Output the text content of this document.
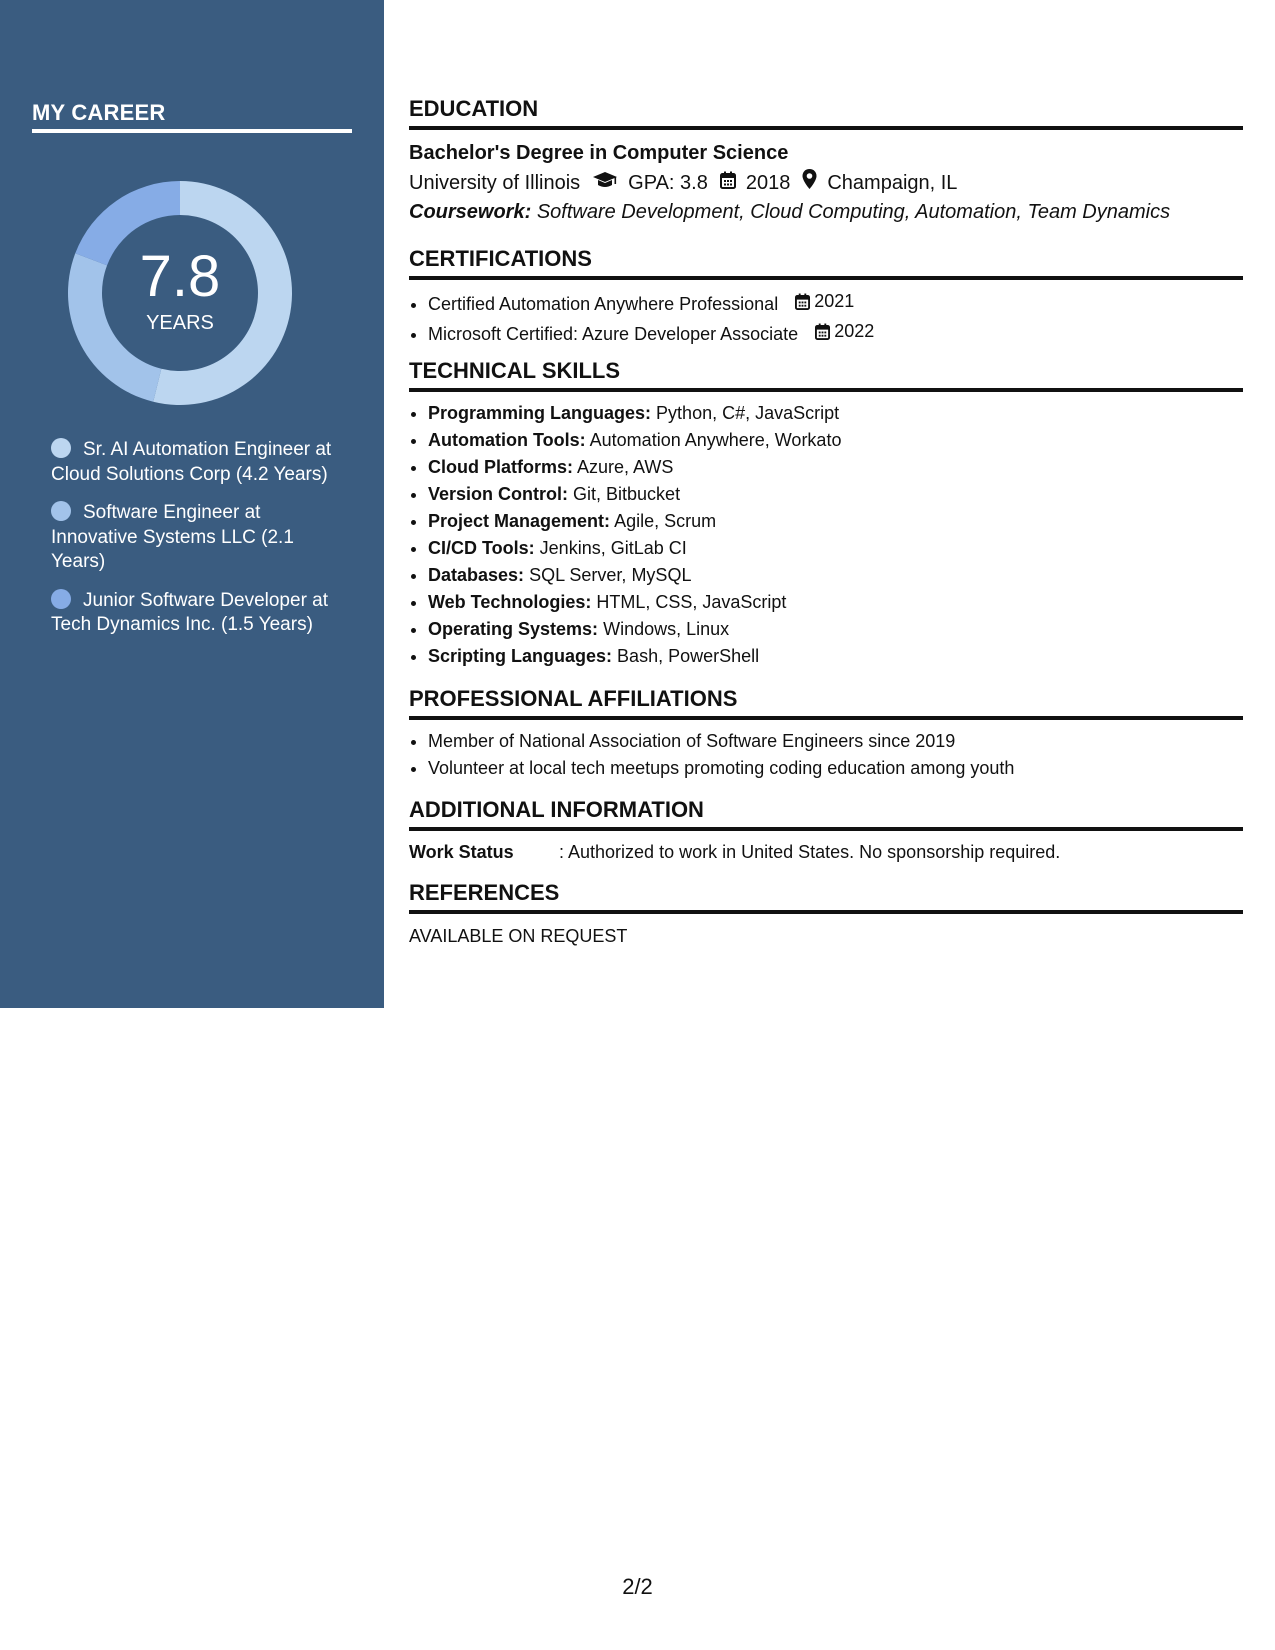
MY CAREER
7.8
YEARS
Sr. AI Automation Engineer at Cloud Solutions Corp (4.2 Years)
Software Engineer at Innovative Systems LLC (2.1 Years)
Junior Software Developer at Tech Dynamics Inc. (1.5 Years)
EDUCATION
Bachelor's Degree in Computer Science
University of Illinois GPA: 3.8 2018 Champaign, IL
Coursework: Software Development, Cloud Computing, Automation, Team Dynamics
CERTIFICATIONS
• Certified Automation Anywhere Professional 2021
• Microsoft Certified: Azure Developer Associate 2022
TECHNICAL SKILLS
• Programming Languages: Python, C#, JavaScript
• Automation Tools: Automation Anywhere, Workato
• Cloud Platforms: Azure, AWS
• Version Control: Git, Bitbucket
• Project Management: Agile, Scrum
• CI/CD Tools: Jenkins, GitLab CI
• Databases: SQL Server, MySQL
• Web Technologies: HTML, CSS, JavaScript
• Operating Systems: Windows, Linux
• Scripting Languages: Bash, PowerShell
PROFESSIONAL AFFILIATIONS
• Member of National Association of Software Engineers since 2019
• Volunteer at local tech meetups promoting coding education among youth
ADDITIONAL INFORMATION
Work Status	: Authorized to work in United States. No sponsorship required.
REFERENCES
AVAILABLE ON REQUEST
2/2
